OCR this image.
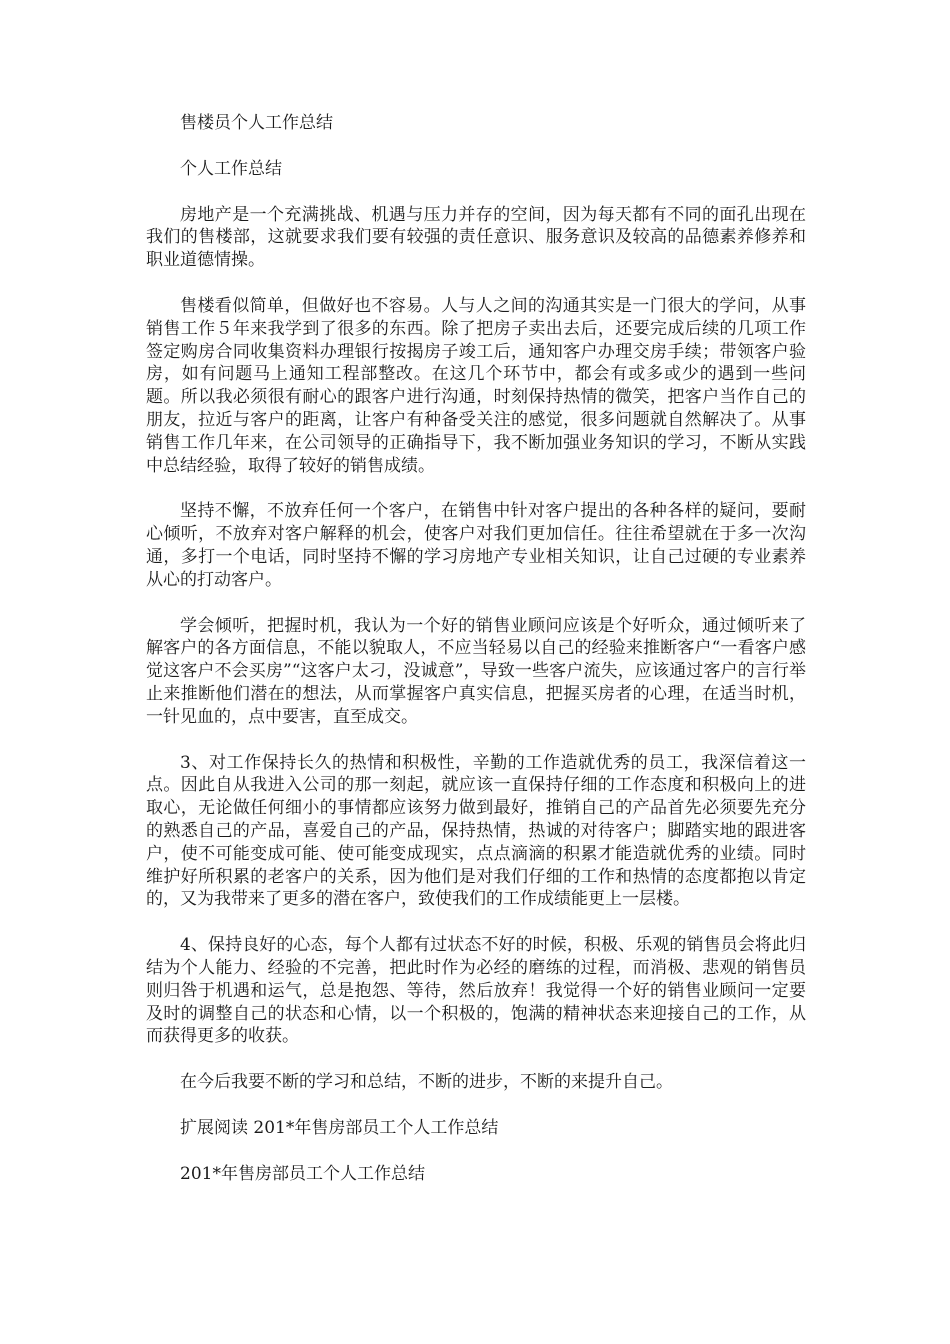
售楼员个人工作总结

个人工作总结

房地产是一个充满挑战、机遇与压力并存的空间，因为每天都有不同的面孔出现在我们的售楼部，这就要求我们要有较强的责任意识、服务意识及较高的品德素养修养和职业道德情操。

售楼看似简单，但做好也不容易。人与人之间的沟通其实是一门很大的学问，从事销售工作５年来我学到了很多的东西。除了把房子卖出去后，还要完成后续的几项工作签定购房合同收集资料办理银行按揭房子竣工后，通知客户办理交房手续；带领客户验房，如有问题马上通知工程部整改。在这几个环节中，都会有或多或少的遇到一些问题。所以我必须很有耐心的跟客户进行沟通，时刻保持热情的微笑，把客户当作自己的朋友，拉近与客户的距离，让客户有种备受关注的感觉，很多问题就自然解决了。从事销售工作几年来，在公司领导的正确指导下，我不断加强业务知识的学习，不断从实践中总结经验，取得了较好的销售成绩。

坚持不懈，不放弃任何一个客户，在销售中针对客户提出的各种各样的疑问，要耐心倾听，不放弃对客户解释的机会，使客户对我们更加信任。往往希望就在于多一次沟通，多打一个电话，同时坚持不懈的学习房地产专业相关知识，让自己过硬的专业素养从心的打动客户。

学会倾听，把握时机，我认为一个好的销售业顾问应该是个好听众，通过倾听来了解客户的各方面信息，不能以貌取人，不应当轻易以自己的经验来推断客户“一看客户感觉这客户不会买房”“这客户太刁，没诚意”，导致一些客户流失，应该通过客户的言行举止来推断他们潜在的想法，从而掌握客户真实信息，把握买房者的心理，在适当时机，一针见血的，点中要害，直至成交。

3、对工作保持长久的热情和积极性，辛勤的工作造就优秀的员工，我深信着这一点。因此自从我进入公司的那一刻起，就应该一直保持仔细的工作态度和积极向上的进取心，无论做任何细小的事情都应该努力做到最好，推销自己的产品首先必须要先充分的熟悉自己的产品，喜爱自己的产品，保持热情，热诚的对待客户；脚踏实地的跟进客户，使不可能变成可能、使可能变成现实，点点滴滴的积累才能造就优秀的业绩。同时维护好所积累的老客户的关系，因为他们是对我们仔细的工作和热情的态度都抱以肯定的，又为我带来了更多的潜在客户，致使我们的工作成绩能更上一层楼。

4、保持良好的心态，每个人都有过状态不好的时候，积极、乐观的销售员会将此归结为个人能力、经验的不完善，把此时作为必经的磨练的过程，而消极、悲观的销售员则归咎于机遇和运气，总是抱怨、等待，然后放弃！我觉得一个好的销售业顾问一定要及时的调整自己的状态和心情，以一个积极的，饱满的精神状态来迎接自己的工作，从而获得更多的收获。

在今后我要不断的学习和总结，不断的进步，不断的来提升自己。

扩展阅读 201*年售房部员工个人工作总结

201*年售房部员工个人工作总结
